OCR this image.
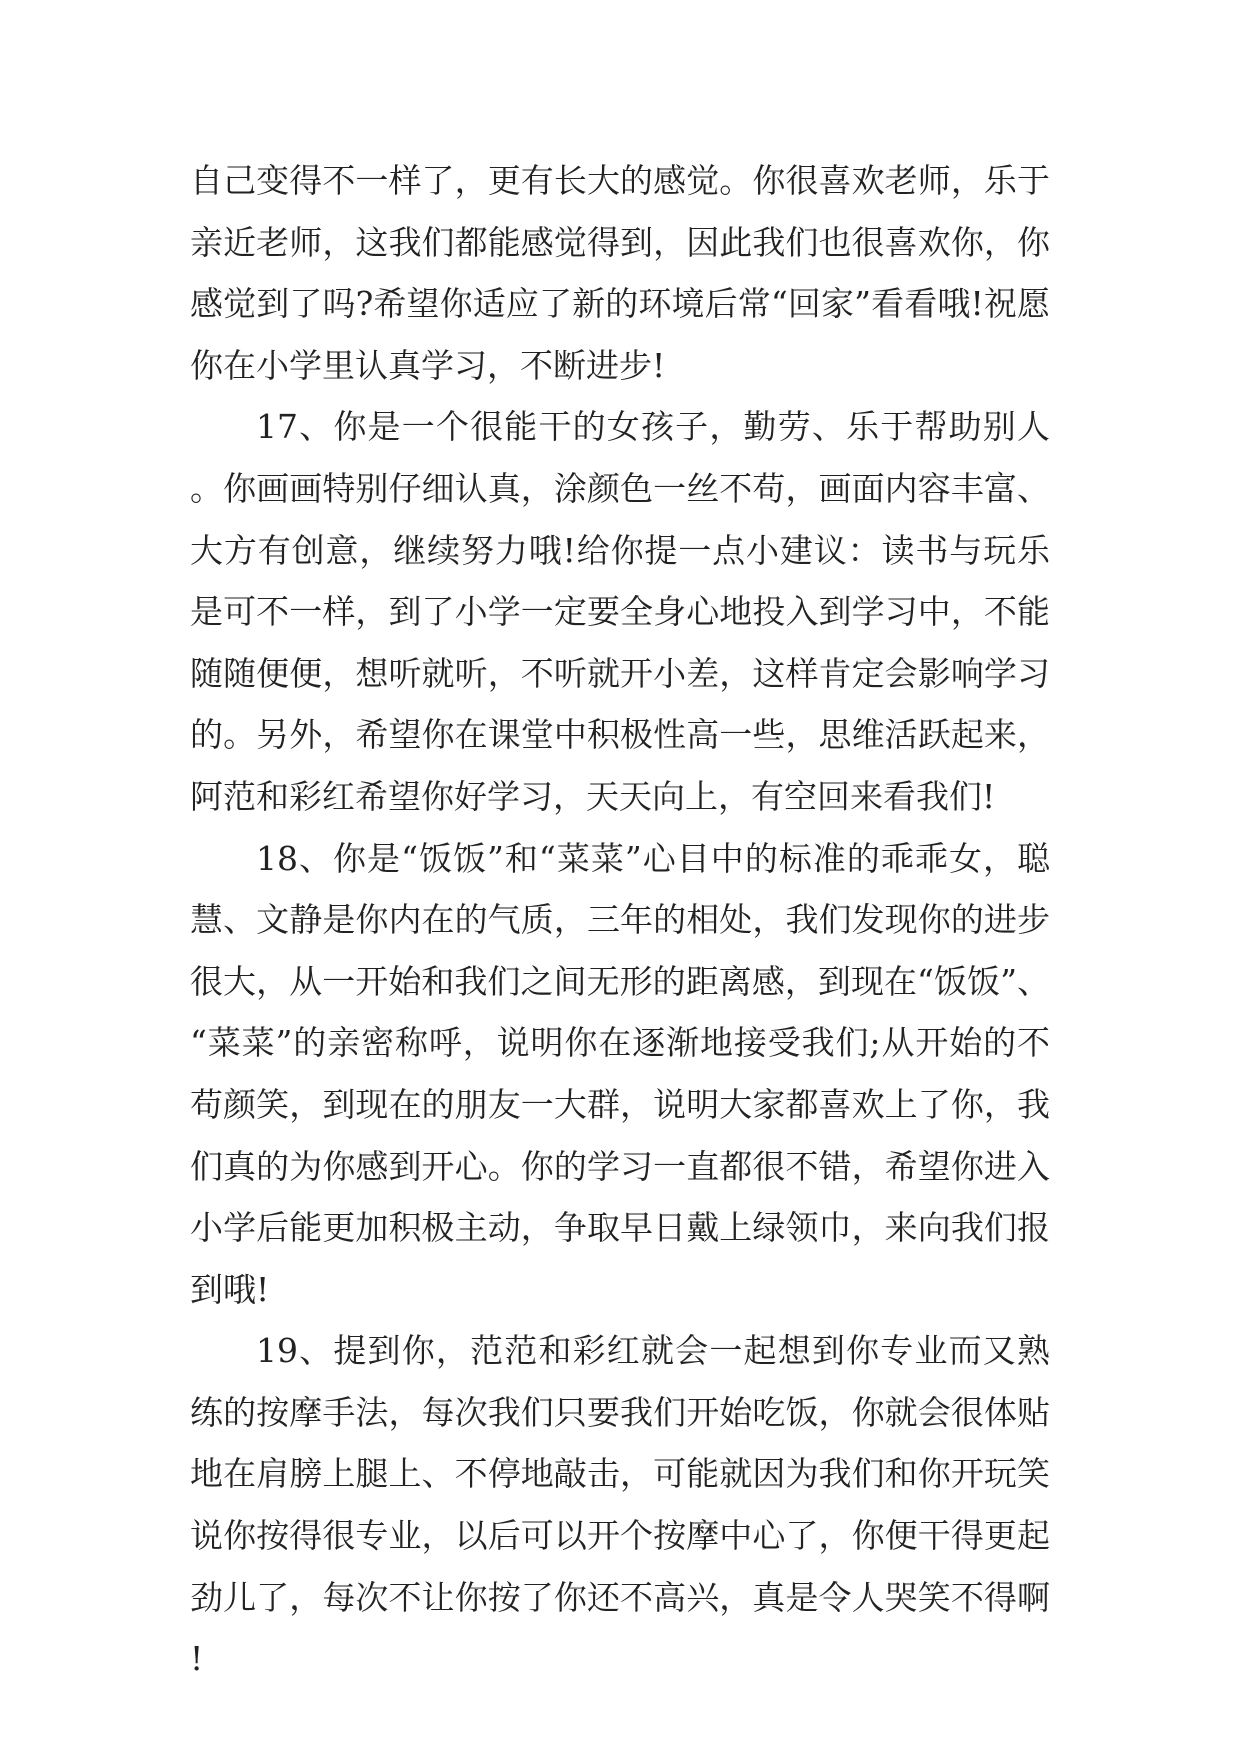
自己变得不一样了，更有长大的感觉。你很喜欢老师，乐于亲近老师，这我们都能感觉得到，因此我们也很喜欢你，你感觉到了吗?希望你适应了新的环境后常“回家”看看哦!祝愿你在小学里认真学习，不断进步!

17、你是一个很能干的女孩子，勤劳、乐于帮助别人。你画画特别仔细认真，涂颜色一丝不苟，画面内容丰富、大方有创意，继续努力哦!给你提一点小建议：读书与玩乐是可不一样，到了小学一定要全身心地投入到学习中，不能随随便便，想听就听，不听就开小差，这样肯定会影响学习的。另外，希望你在课堂中积极性高一些，思维活跃起来，阿范和彩红希望你好学习，天天向上，有空回来看我们!

18、你是“饭饭”和“菜菜”心目中的标准的乖乖女，聪慧、文静是你内在的气质，三年的相处，我们发现你的进步很大，从一开始和我们之间无形的距离感，到现在“饭饭”、“菜菜”的亲密称呼，说明你在逐渐地接受我们;从开始的不苟颜笑，到现在的朋友一大群，说明大家都喜欢上了你，我们真的为你感到开心。你的学习一直都很不错，希望你进入小学后能更加积极主动，争取早日戴上绿领巾，来向我们报到哦!

19、提到你，范范和彩红就会一起想到你专业而又熟练的按摩手法，每次我们只要我们开始吃饭，你就会很体贴地在肩膀上腿上、不停地敲击，可能就因为我们和你开玩笑说你按得很专业，以后可以开个按摩中心了，你便干得更起劲儿了，每次不让你按了你还不高兴，真是令人哭笑不得啊!
